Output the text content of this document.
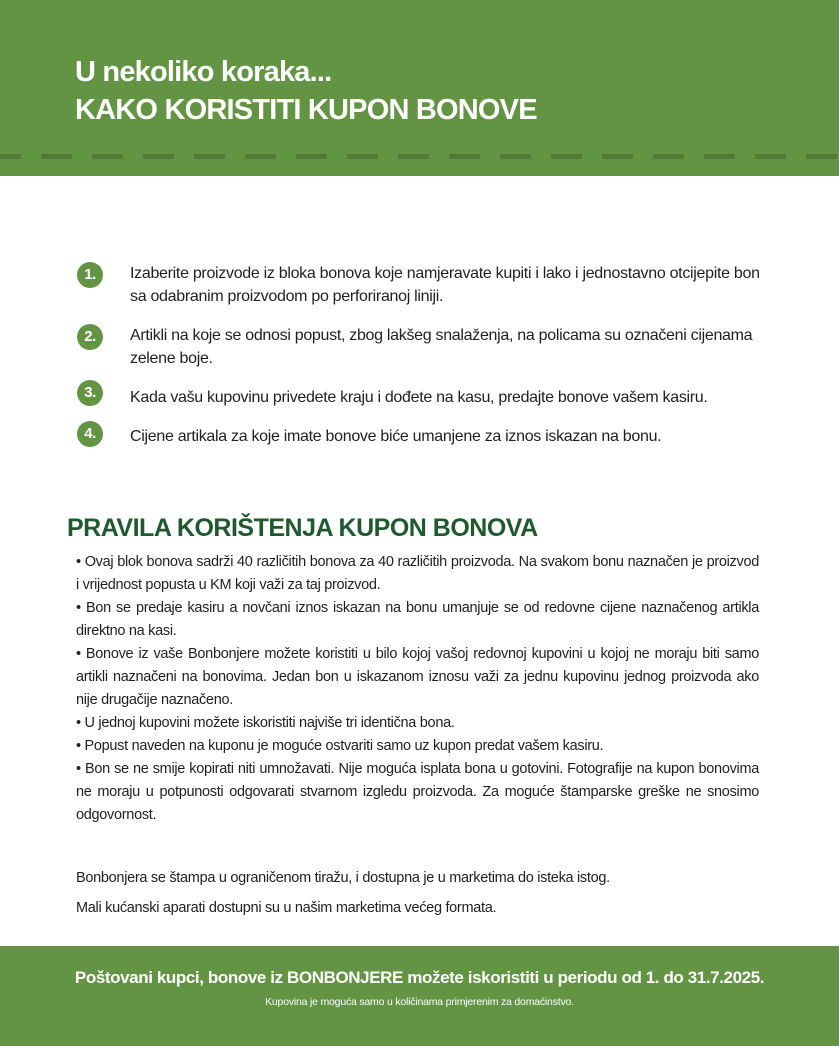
U nekoliko koraka...
KAKO KORISTITI KUPON BONOVE
1.	Izaberite proizvode iz bloka bonova koje namjeravate kupiti i lako i jednostavno otcijepite bon sa odabranim proizvodom po perforiranoj liniji.
2.	Artikli na koje se odnosi popust, zbog lakšeg snalaženja, na policama su označeni cijenama zelene boje.
3.	Kada vašu kupovinu privedete kraju i dođete na kasu, predajte bonove vašem kasiru.
4.	Cijene artikala za koje imate bonove biće umanjene za iznos iskazan na bonu.
PRAVILA KORIŠTENJA KUPON BONOVA

• Ovaj blok bonova sadrži 40 različitih bonova za 40 različitih proizvoda. Na svakom bonu naznačen je proizvod i vrijednost popusta u KM koji važi za taj proizvod.

• Bon se predaje kasiru a novčani iznos iskazan na bonu umanjuje se od redovne cijene naznačenog artikla direktno na kasi.

• Bonove iz vaše Bonbonjere možete koristiti u bilo kojoj vašoj redovnoj kupovini u kojoj ne moraju biti samo artikli naznačeni na bonovima. Jedan bon u iskazanom iznosu važi za jednu kupovinu jednog proizvoda ako nije drugačije naznačeno.

• U jednoj kupovini možete iskoristiti najviše tri identična bona.

• Popust naveden na kuponu je moguće ostvariti samo uz kupon predat vašem kasiru.

• Bon se ne smije kopirati niti umnožavati. Nije moguća isplata bona u gotovini. Fotografije na kupon bonovima ne moraju u potpunosti odgovarati stvarnom izgledu proizvoda. Za moguće štamparske greške ne snosimo odgovornost.

Bonbonjera se štampa u ograničenom tiražu, i dostupna je u marketima do isteka istog.

Mali kućanski aparati dostupni su u našim marketima većeg formata.

Poštovani kupci, bonove iz BONBONJERE možete iskoristiti u periodu od 1. do 31.7.2025.
Kupovina je moguća samo u količinama primjerenim za domaćinstvo.
